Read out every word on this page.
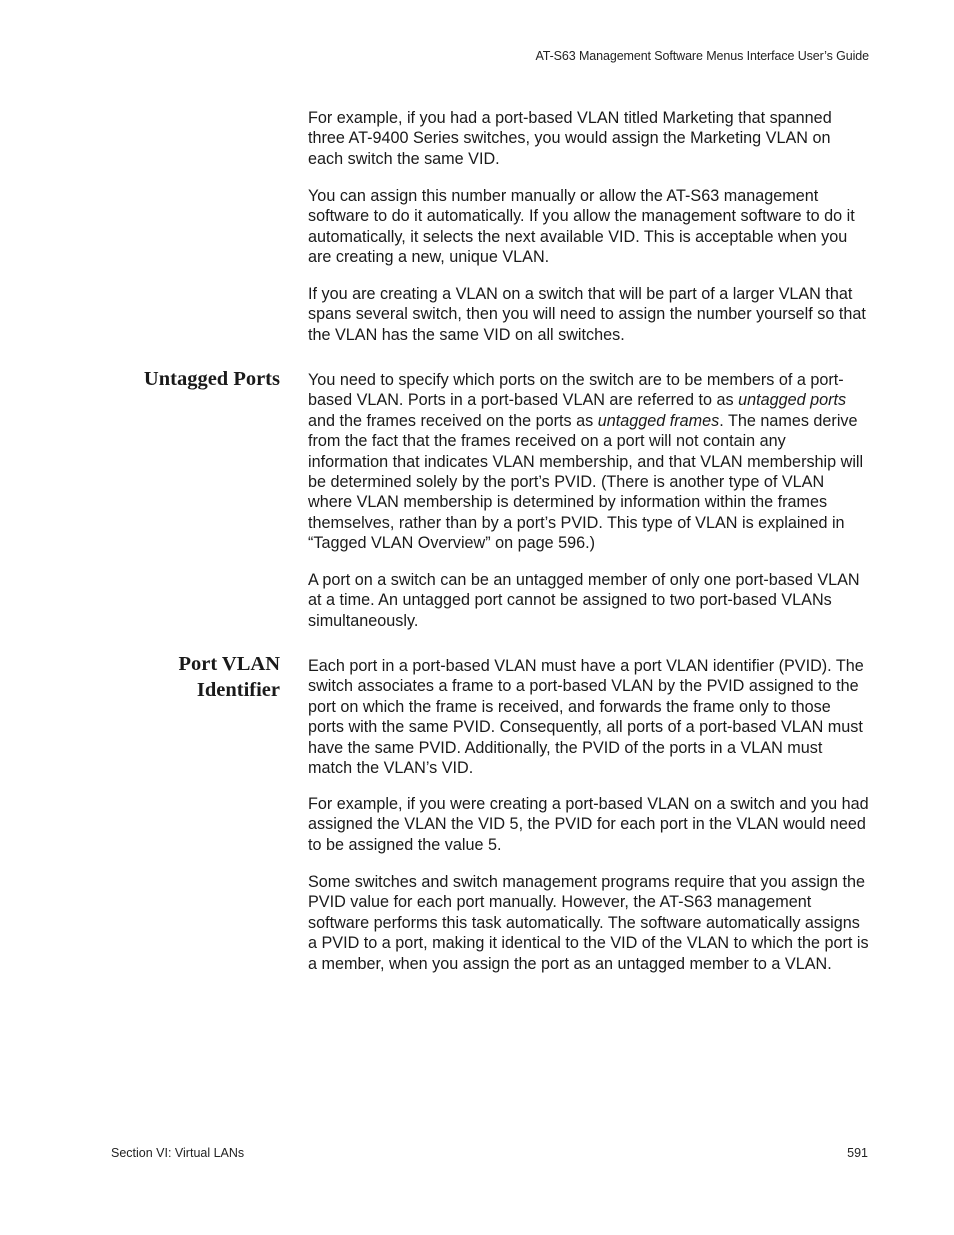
AT-S63 Management Software Menus Interface User’s Guide

For example, if you had a port-based VLAN titled Marketing that spanned three AT-9400 Series switches, you would assign the Marketing VLAN on each switch the same VID.

You can assign this number manually or allow the AT-S63 management software to do it automatically. If you allow the management software to do it automatically, it selects the next available VID. This is acceptable when you are creating a new, unique VLAN.

If you are creating a VLAN on a switch that will be part of a larger VLAN that spans several switch, then you will need to assign the number yourself so that the VLAN has the same VID on all switches.

Untagged Ports You need to specify which ports on the switch are to be members of a port-based VLAN. Ports in a port-based VLAN are referred to as untagged ports and the frames received on the ports as untagged frames. The names derive from the fact that the frames received on a port will not contain any information that indicates VLAN membership, and that VLAN membership will be determined solely by the port’s PVID. (There is another type of VLAN where VLAN membership is determined by information within the frames themselves, rather than by a port’s PVID. This type of VLAN is explained in “Tagged VLAN Overview” on page 596.)

A port on a switch can be an untagged member of only one port-based VLAN at a time. An untagged port cannot be assigned to two port-based VLANs simultaneously.

Port VLAN
Identifier

Each port in a port-based VLAN must have a port VLAN identifier (PVID). The switch associates a frame to a port-based VLAN by the PVID assigned to the port on which the frame is received, and forwards the frame only to those ports with the same PVID. Consequently, all ports of a port-based VLAN must have the same PVID. Additionally, the PVID of the ports in a VLAN must match the VLAN’s VID.

For example, if you were creating a port-based VLAN on a switch and you had assigned the VLAN the VID 5, the PVID for each port in the VLAN would need to be assigned the value 5.

Some switches and switch management programs require that you assign the PVID value for each port manually. However, the AT-S63 management software performs this task automatically. The software automatically assigns a PVID to a port, making it identical to the VID of the VLAN to which the port is a member, when you assign the port as an untagged member to a VLAN.

Section VI: Virtual LANs	591
